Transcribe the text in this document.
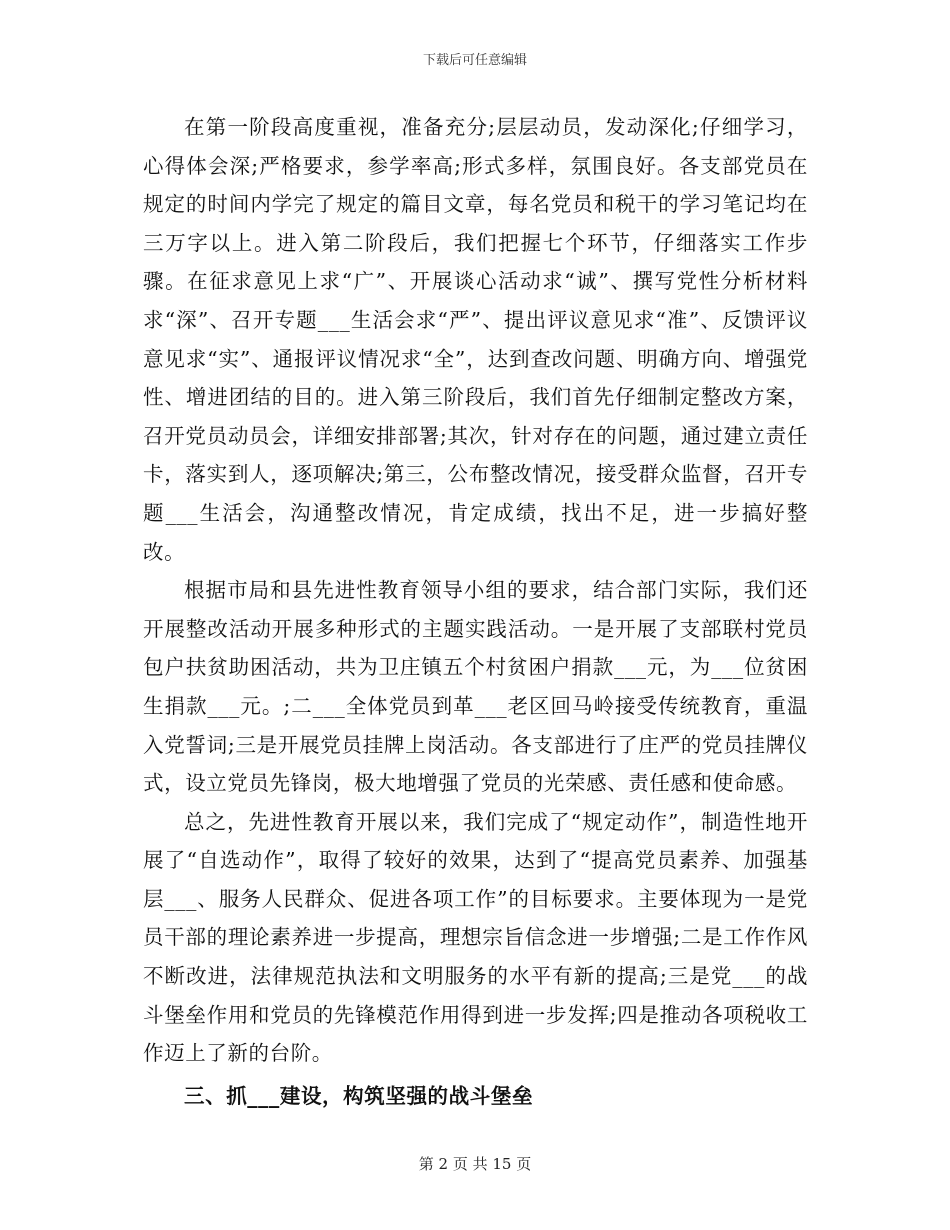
下载后可任意编辑

在第一阶段高度重视，准备充分;层层动员，发动深化;仔细学习，心得体会深;严格要求，参学率高;形式多样，氛围良好。各支部党员在规定的时间内学完了规定的篇目文章，每名党员和税干的学习笔记均在三万字以上。进入第二阶段后，我们把握七个环节，仔细落实工作步骤。在征求意见上求“广”、开展谈心活动求“诚”、撰写党性分析材料求“深”、召开专题___生活会求“严”、提出评议意见求“准”、反馈评议意见求“实”、通报评议情况求“全”，达到查改问题、明确方向、增强党性、增进团结的目的。进入第三阶段后，我们首先仔细制定整改方案，召开党员动员会，详细安排部署;其次，针对存在的问题，通过建立责任卡，落实到人，逐项解决;第三，公布整改情况，接受群众监督，召开专题___生活会，沟通整改情况，肯定成绩，找出不足，进一步搞好整改。

根据市局和县先进性教育领导小组的要求，结合部门实际，我们还开展整改活动开展多种形式的主题实践活动。一是开展了支部联村党员包户扶贫助困活动，共为卫庄镇五个村贫困户捐款___元，为___位贫困生捐款___元。;二___全体党员到革___老区回马岭接受传统教育，重温入党誓词;三是开展党员挂牌上岗活动。各支部进行了庄严的党员挂牌仪式，设立党员先锋岗，极大地增强了党员的光荣感、责任感和使命感。

总之，先进性教育开展以来，我们完成了“规定动作”，制造性地开展了“自选动作”，取得了较好的效果，达到了“提高党员素养、加强基层___、服务人民群众、促进各项工作”的目标要求。主要体现为一是党员干部的理论素养进一步提高，理想宗旨信念进一步增强;二是工作作风不断改进，法律规范执法和文明服务的水平有新的提高;三是党___的战斗堡垒作用和党员的先锋模范作用得到进一步发挥;四是推动各项税收工作迈上了新的台阶。

三、抓___建设，构筑坚强的战斗堡垒

第 2 页 共 15 页
